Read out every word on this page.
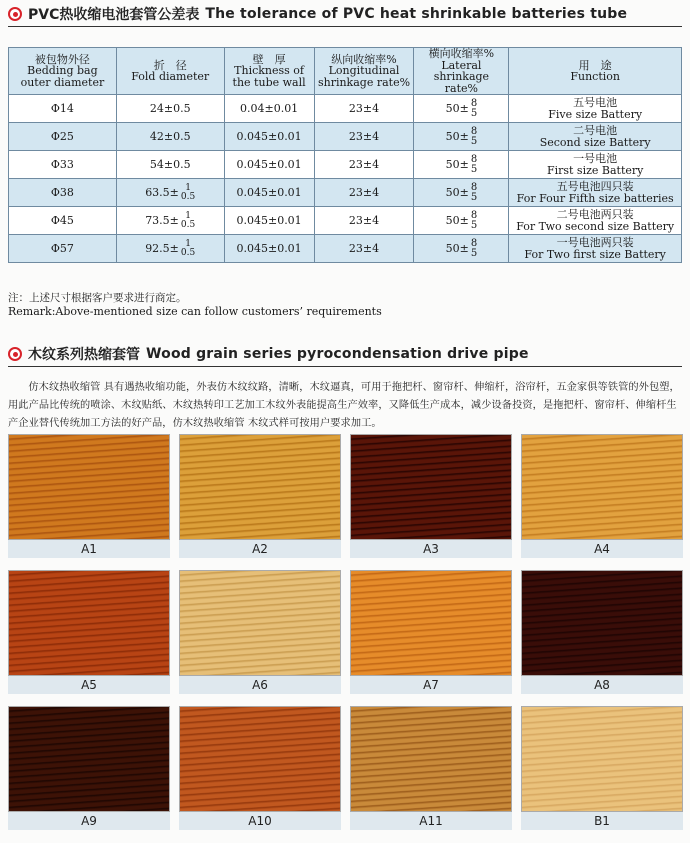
PVC热收缩电池套管公差表 The tolerance of PVC heat shrinkable batteries tube
被包物外径
Bedding bag
outer diameter	折　径
Fold diameter	壁　厚
Thickness of
the tube wall	纵向收缩率%
Longitudinal
shrinkage rate%	横向收缩率%
Lateral
shrinkage rate%	用　途
Function

Φ14	24±0.5	0.04±0.01	23±4	50± 8
5	五号电池
Five size Battery

Φ25	42±0.5	0.045±0.01	23±4	50± 8
5	二号电池
Second size Battery

Φ33	54±0.5	0.045±0.01	23±4	50± 8
5	一号电池
First size Battery

Φ38	63.5± 1
0.5	0.045±0.01	23±4	50± 8
5	五号电池四只装
For Four Fifth size batteries

Φ45	73.5± 1
0.5	0.045±0.01	23±4	50± 8
5	二号电池两只装
For Two second size Battery

Φ57	92.5± 1
0.5	0.045±0.01	23±4	50± 8
5	一号电池两只装
For Two first size Battery
注：上述尺寸根据客户要求进行商定。
Remark:Above-mentioned size can follow customers’ requirements
木纹系列热缩套管 Wood grain series pyrocondensation drive pipe
仿木纹热收缩管 具有遇热收缩功能，外表仿木纹纹路，清晰，木纹逼真，可用于拖把杆、窗帘杆、伸缩杆，浴帘杆，五金家俱等铁管的外包塑，用此产品比传统的喷涂、木纹贴纸、木纹热转印工艺加工木纹外表能提高生产效率，又降低生产成本，减少设备投资，是拖把杆、窗帘杆、伸缩杆生产企业替代传统加工方法的好产品，仿木纹热收缩管 木纹式样可按用户要求加工。
A1	A2	A3	A4
A5	A6	A7	A8
A9	A10	A11	B1
